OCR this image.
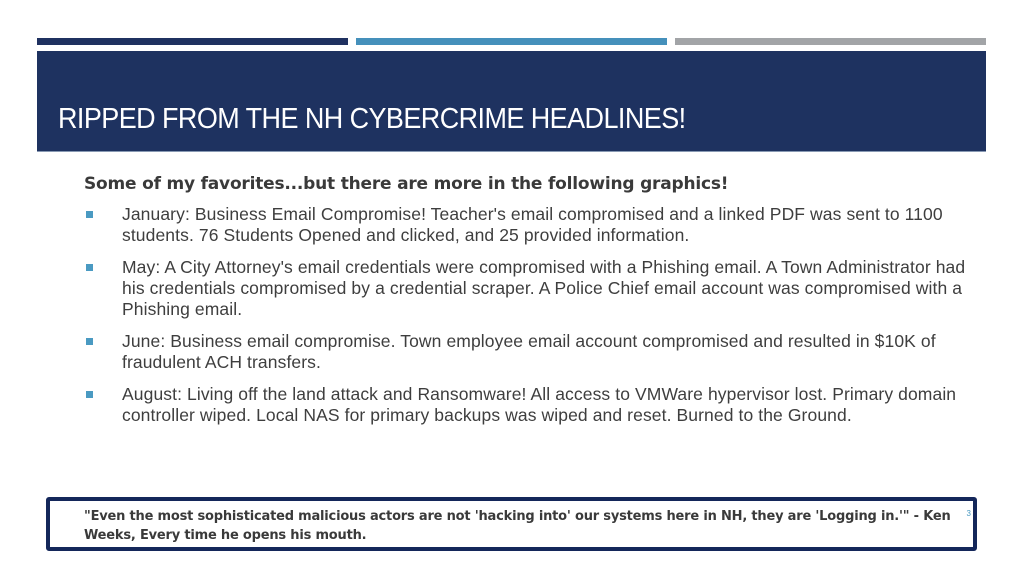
RIPPED FROM THE NH CYBERCRIME HEADLINES!
Some of my favorites...but there are more in the following graphics!
January: Business Email Compromise! Teacher's email compromised and a linked PDF was sent to 1100 students. 76 Students Opened and clicked, and 25 provided information.
May: A City Attorney's email credentials were compromised with a Phishing email. A Town Administrator had his credentials compromised by a credential scraper. A Police Chief email account was compromised with a Phishing email.
June: Business email compromise. Town employee email account compromised and resulted in $10K of fraudulent ACH transfers.
August: Living off the land attack and Ransomware! All access to VMWare hypervisor lost. Primary domain controller wiped. Local NAS for primary backups was wiped and reset. Burned to the Ground.
"Even the most sophisticated malicious actors are not 'hacking into' our systems here in NH, they are 'Logging in.'" - Ken Weeks, Every time he opens his mouth.
3
